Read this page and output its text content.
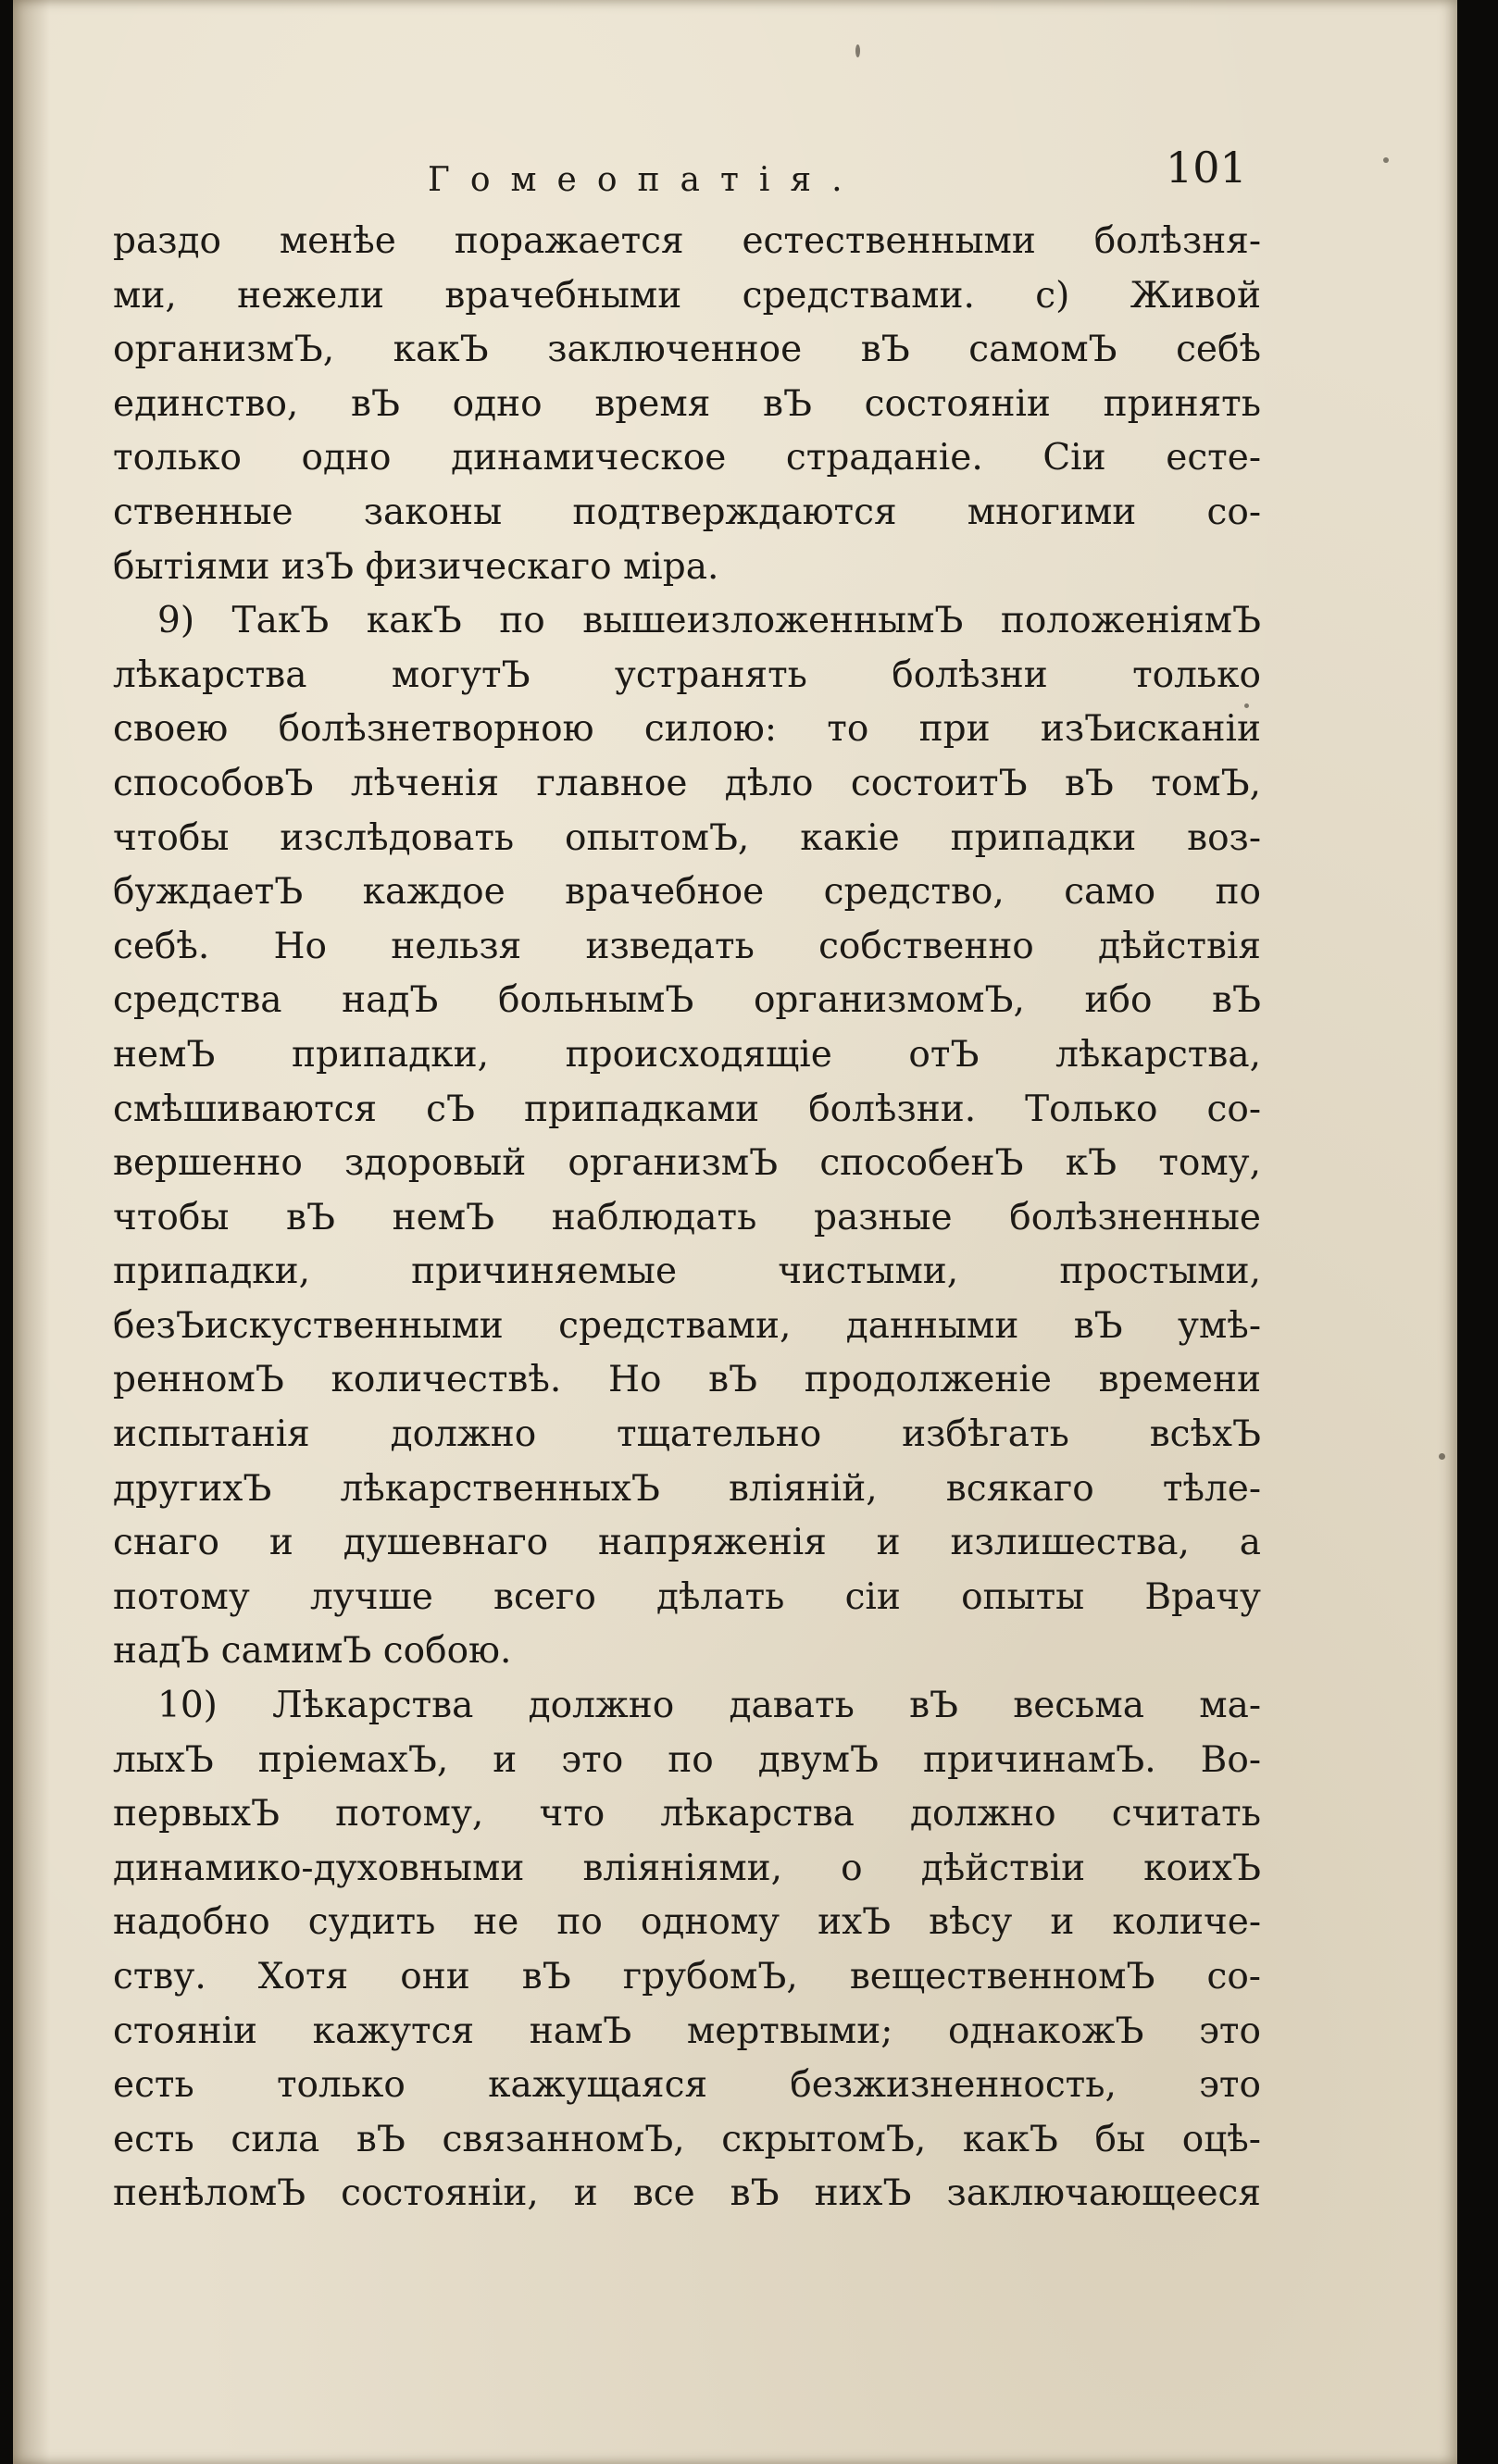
Гомеопатія.	101
раздо менѣе поражается естественными болѣзня-
ми, нежели врачебными средствами. с) Живой
организмЪ, какЪ заключенное вЪ самомЪ себѣ
единство, вЪ одно время вЪ состояніи принять
только одно динамическое страданіе. Сіи есте-
ственные законы подтверждаются многими со-
бытіями изЪ физическаго міра.
9) ТакЪ какЪ по вышеизложеннымЪ положеніямЪ
лѣкарства могутЪ устранять болѣзни только
своею болѣзнетворною силою: то при изЪисканіи
способовЪ лѣченія главное дѣло состоитЪ вЪ томЪ,
чтобы изслѣдовать опытомЪ, какіе припадки воз-
буждаетЪ каждое врачебное средство, само по
себѣ. Но нельзя изведать собственно дѣйствія
средства надЪ больнымЪ организмомЪ, ибо вЪ
немЪ припадки, происходящіе отЪ лѣкарства,
смѣшиваются сЪ припадками болѣзни. Только со-
вершенно здоровый организмЪ способенЪ кЪ тому,
чтобы вЪ немЪ наблюдать разные болѣзненные
припадки, причиняемые чистыми, простыми,
безЪискуственными средствами, данными вЪ умѣ-
ренномЪ количествѣ. Но вЪ продолженіе времени
испытанія должно тщательно избѣгать всѣхЪ
другихЪ лѣкарственныхЪ вліяній, всякаго тѣле-
снаго и душевнаго напряженія и излишества, а
потому лучше всего дѣлать сіи опыты Врачу
надЪ самимЪ собою.
10) Лѣкарства должно давать вЪ весьма ма-
лыхЪ пріемахЪ, и это по двумЪ причинамЪ. Во-
первыхЪ потому, что лѣкарства должно считать
динамико-духовными вліяніями, о дѣйствіи коихЪ
надобно судить не по одному ихЪ вѣсу и количе-
ству. Хотя они вЪ грубомЪ, вещественномЪ со-
стояніи кажутся намЪ мертвыми; однакожЪ это
есть только кажущаяся безжизненность, это
есть сила вЪ связанномЪ, скрытомЪ, какЪ бы оцѣ-
пенѣломЪ состояніи, и все вЪ нихЪ заключающееся
